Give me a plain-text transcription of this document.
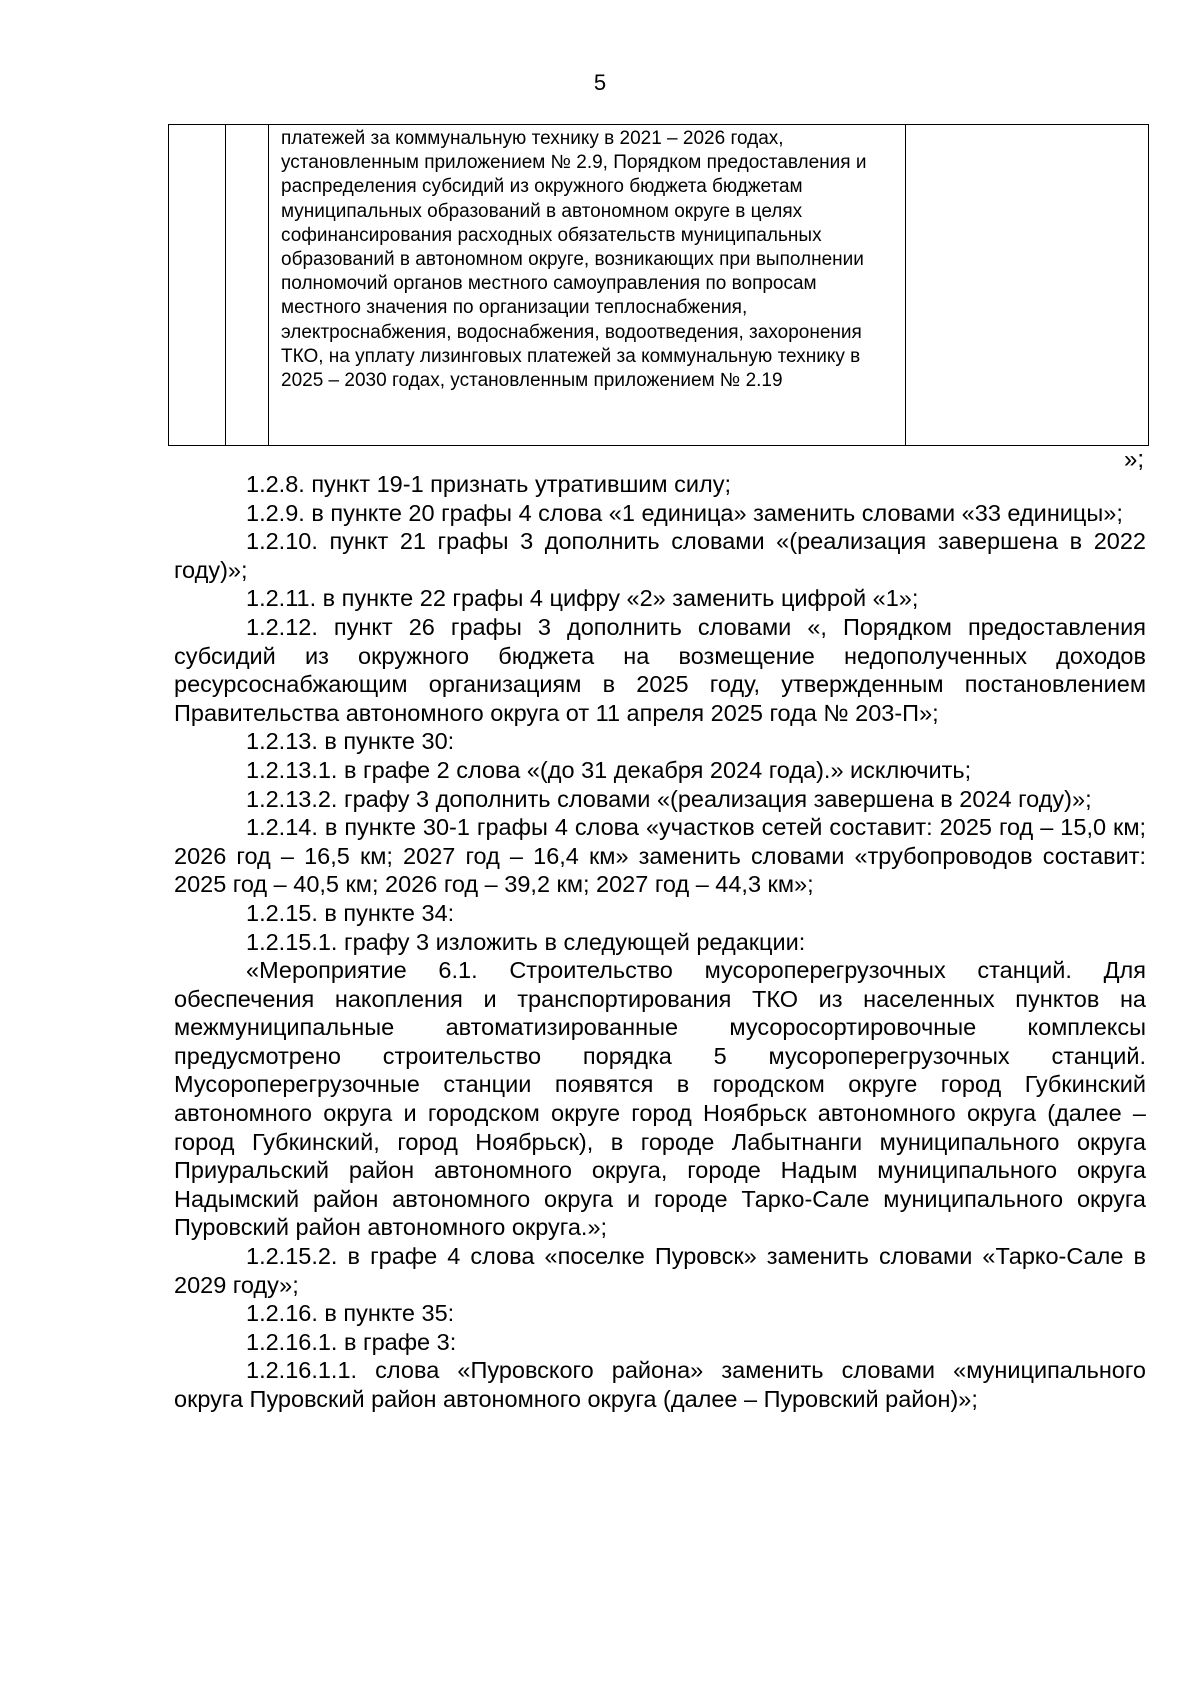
5

платежей за коммунальную технику в 2021 – 2026 годах, установленным приложением № 2.9, Порядком предоставления и распределения субсидий из окружного бюджета бюджетам муниципальных образований в автономном округе в целях софинансирования расходных обязательств муниципальных образований в автономном округе, возникающих при выполнении полномочий органов местного самоуправления по вопросам местного значения по организации теплоснабжения, электроснабжения, водоснабжения, водоотведения, захоронения ТКО, на уплату лизинговых платежей за коммунальную технику в 2025 – 2030 годах, установленным приложением № 2.19

»;

1.2.8. пункт 19-1 признать утратившим силу;

1.2.9. в пункте 20 графы 4 слова «1 единица» заменить словами «33 единицы»;

1.2.10. пункт 21 графы 3 дополнить словами «(реализация завершена в 2022 году)»;

1.2.11. в пункте 22 графы 4 цифру «2» заменить цифрой «1»;

1.2.12. пункт 26 графы 3 дополнить словами «, Порядком предоставления субсидий из окружного бюджета на возмещение недополученных доходов ресурсоснабжающим организациям в 2025 году, утвержденным постановлением Правительства автономного округа от 11 апреля 2025 года № 203-П»;

1.2.13. в пункте 30:

1.2.13.1. в графе 2 слова «(до 31 декабря 2024 года).» исключить;

1.2.13.2. графу 3 дополнить словами «(реализация завершена в 2024 году)»;

1.2.14. в пункте 30-1 графы 4 слова «участков сетей составит: 2025 год – 15,0 км; 2026 год – 16,5 км; 2027 год – 16,4 км» заменить словами «трубопроводов составит: 2025 год – 40,5 км; 2026 год – 39,2 км; 2027 год – 44,3 км»;

1.2.15. в пункте 34:

1.2.15.1. графу 3 изложить в следующей редакции:

«Мероприятие 6.1. Строительство мусороперегрузочных станций. Для обеспечения накопления и транспортирования ТКО из населенных пунктов на межмуниципальные автоматизированные мусоросортировочные комплексы предусмотрено строительство порядка 5 мусороперегрузочных станций. Мусороперегрузочные станции появятся в городском округе город Губкинский автономного округа и городском округе город Ноябрьск автономного округа (далее – город Губкинский, город Ноябрьск), в городе Лабытнанги муниципального округа Приуральский район автономного округа, городе Надым муниципального округа Надымский район автономного округа и городе Тарко-Сале муниципального округа Пуровский район автономного округа.»;

1.2.15.2. в графе 4 слова «поселке Пуровск» заменить словами «Тарко-Сале в 2029 году»;

1.2.16. в пункте 35:

1.2.16.1. в графе 3:

1.2.16.1.1. слова «Пуровского района» заменить словами «муниципального округа Пуровский район автономного округа (далее – Пуровский район)»;
